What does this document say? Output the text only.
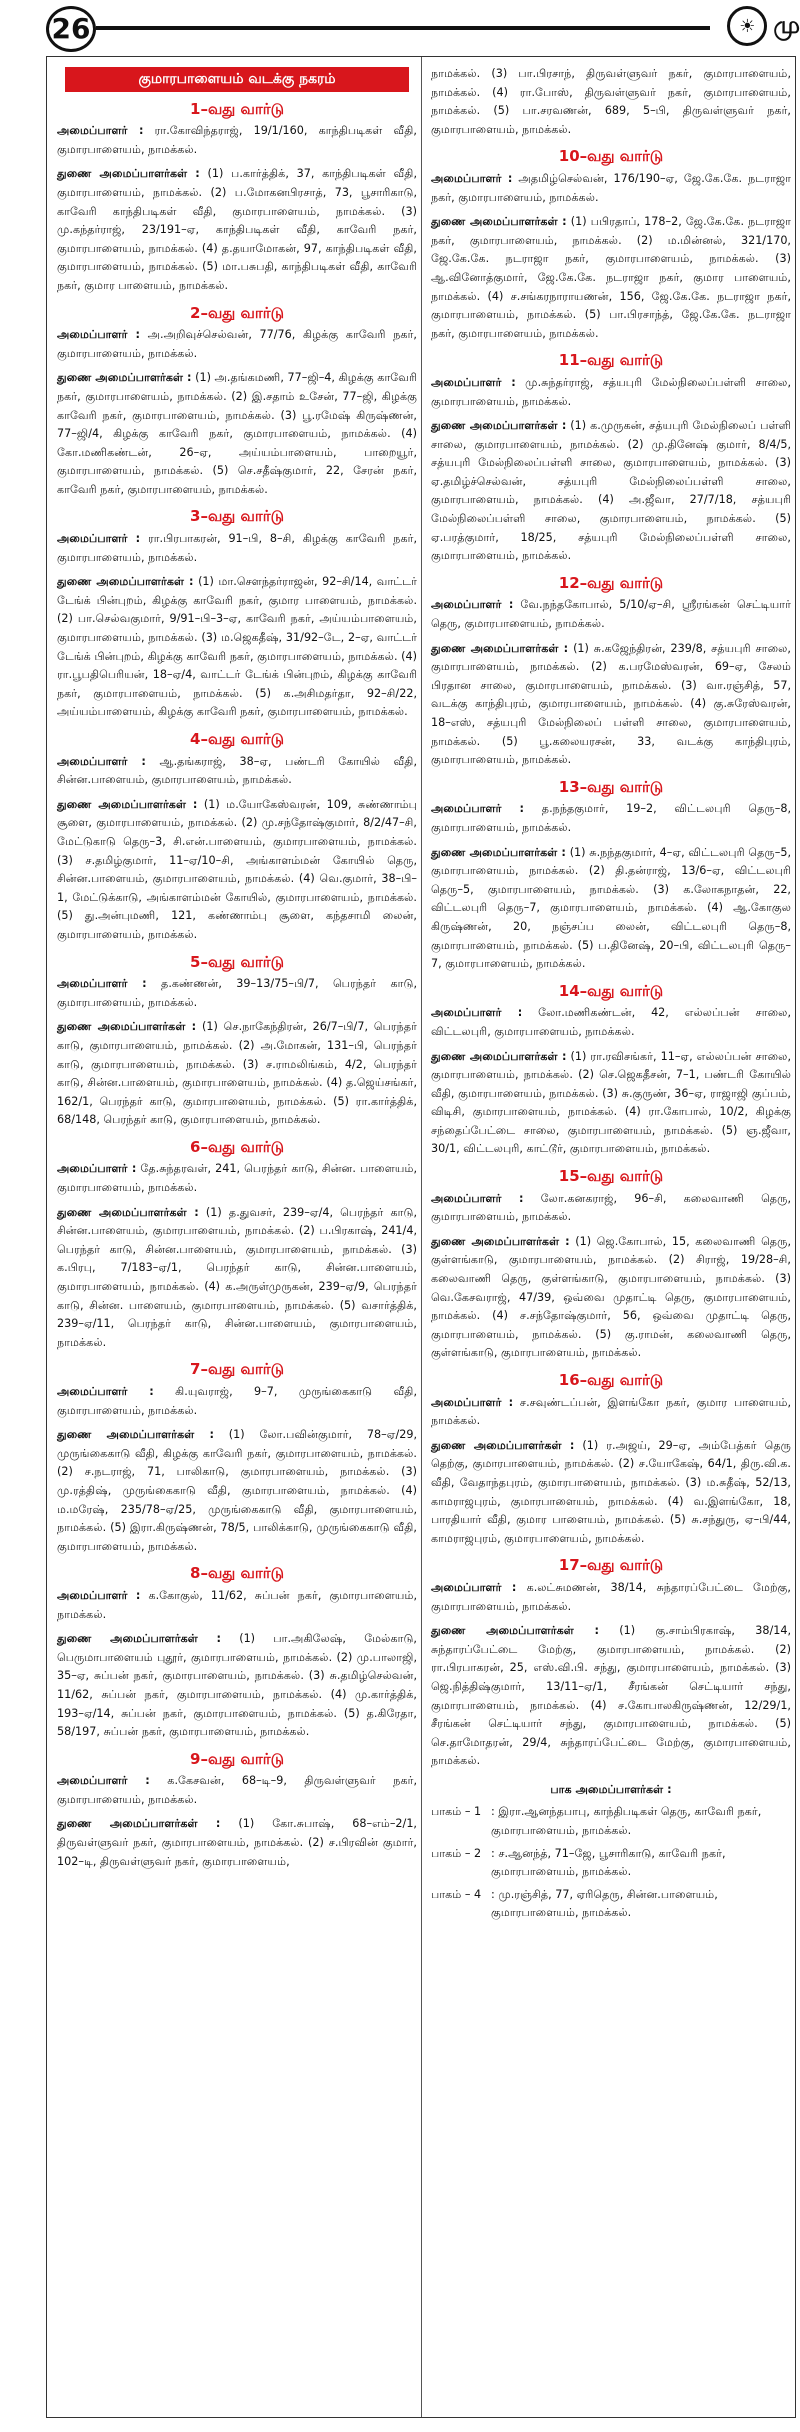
26	☀ மு
குமாரபாளையம் வடக்கு நகரம்
1–வது வார்டு

அமைப்பாளர் : ரா.கோவிந்தராஜ், 19/1/160, காந்திபடிகள் வீதி, குமாரபாளையம், நாமக்கல்.

துணை அமைப்பாளர்கள் : (1) ப.கார்த்திக், 37, காந்திபடிகள் வீதி, குமாரபாளையம், நாமக்கல். (2) ப.மோகனபிரசாத், 73, பூசாரிகாடு, காவேரி காந்திபடிகள் வீதி, குமாரபாளையம், நாமக்கல். (3) மு.கந்தர்ராஜ், 23/191–ஏ, காந்திபடிகள் வீதி, காவேரி நகர், குமாரபாளையம், நாமக்கல். (4) த.தயாமோகன், 97, காந்திபடிகள் வீதி, குமாரபாளையம், நாமக்கல். (5) மா.பசுபதி, காந்திபடிகள் வீதி, காவேரி நகர், குமார பாளையம், நாமக்கல்.

2–வது வார்டு

அமைப்பாளர் : அ.அறிவுச்செல்வன், 77/76, கிழக்கு காவேரி நகர், குமாரபாளையம், நாமக்கல்.

துணை அமைப்பாளர்கள் : (1) அ.தங்கமணி, 77–ஜி–4, கிழக்கு காவேரி நகர், குமாரபாளையம், நாமக்கல். (2) இ.சதாம் உசேன், 77–ஜி, கிழக்கு காவேரி நகர், குமாரபாளையம், நாமக்கல். (3) பூ.ரமேஷ் கிருஷ்ணன், 77–ஜி/4, கிழக்கு காவேரி நகர், குமாரபாளையம், நாமக்கல். (4) கோ.மணிகண்டன், 26–ஏ, அய்யம்பாளையம், பாறையூர், குமாரபாளையம், நாமக்கல். (5) செ.சதீஷ்குமார், 22, சேரன் நகர், காவேரி நகர், குமாரபாளையம், நாமக்கல்.

3–வது வார்டு

அமைப்பாளர் : ரா.பிரபாகரன், 91–பி, 8–சி, கிழக்கு காவேரி நகர், குமாரபாளையம், நாமக்கல்.

துணை அமைப்பாளர்கள் : (1) மா.சௌந்தர்ராஜன், 92–சி/14, வாட்டர் டேங்க் பின்புறம், கிழக்கு காவேரி நகர், குமார பாளையம், நாமக்கல். (2) பா.செல்வகுமார், 9/91–பி–3–ஏ, காவேரி நகர், அய்யம்பாளையம், குமாரபாளையம், நாமக்கல். (3) ம.ஜெகதீஷ், 31/92–டே, 2–ஏ, வாட்டர் டேங்க் பின்புறம், கிழக்கு காவேரி நகர், குமாரபாளையம், நாமக்கல். (4) ரா.பூபதிபெரியன், 18–ஏ/4, வாட்டர் டேங்க் பின்புறம், கிழக்கு காவேரி நகர், குமாரபாளையம், நாமக்கல். (5) க.அசிமதர்தா, 92–சி/22, அய்யம்பாளையம், கிழக்கு காவேரி நகர், குமாரபாளையம், நாமக்கல்.

4–வது வார்டு

அமைப்பாளர் : ஆ.தங்கராஜ், 38–ஏ, பண்டரி கோயில் வீதி, சின்ன.பாளையம், குமாரபாளையம், நாமக்கல்.

துணை அமைப்பாளர்கள் : (1) ம.யோகேஸ்வரன், 109, சுண்ணாம்பு சூளை, குமாரபாளையம், நாமக்கல். (2) மு.சந்தோஷ்குமார், 8/2/47–சி, மேட்டுகாடு தெரு–3, சி.என்.பாளையம், குமாரபாளையம், நாமக்கல். (3) ச.தமிழ்குமார், 11–ஏ/10–சி, அங்காளம்மன் கோயில் தெரு, சின்ன.பாளையம், குமாரபாளையம், நாமக்கல். (4) வெ.குமார், 38–பி–1, மேட்டுக்காடு, அங்காளம்மன் கோயில், குமாரபாளையம், நாமக்கல். (5) து.அன்புமணி, 121, கண்ணாம்பு சூளை, கந்தசாமி லைன், குமாரபாளையம், நாமக்கல்.

5–வது வார்டு

அமைப்பாளர் : த.கண்ணன், 39–13/75–பி/7, பெரந்தர் காடு, குமாரபாளையம், நாமக்கல்.

துணை அமைப்பாளர்கள் : (1) செ.நாகேந்திரன், 26/7–பி/7, பெரந்தர் காடு, குமாரபாளையம், நாமக்கல். (2) அ.மோகன், 131–பி, பெரந்தர் காடு, குமாரபாளையம், நாமக்கல். (3) ச.ராமலிங்கம், 4/2, பெரந்தர் காடு, சின்ன.பாளையம், குமாரபாளையம், நாமக்கல். (4) த.ஜெய்சங்கர், 162/1, பெரந்தர் காடு, குமாரபாளையம், நாமக்கல். (5) ரா.கார்த்திக், 68/148, பெரந்தர் காடு, குமாரபாளையம், நாமக்கல்.

6–வது வார்டு

அமைப்பாளர் : தே.சுந்தரவள், 241, பெரந்தர் காடு, சின்ன. பாளையம், குமாரபாளையம், நாமக்கல்.

துணை அமைப்பாளர்கள் : (1) த.துவசர், 239–ஏ/4, பெரந்தர் காடு, சின்ன.பாளையம், குமாரபாளையம், நாமக்கல். (2) ப.பிரகாஷ், 241/4, பெரந்தர் காடு, சின்ன.பாளையம், குமாரபாளையம், நாமக்கல். (3) க.பிரபு, 7/183–ஏ/1, பெரந்தர் காடு, சின்ன.பாளையம், குமாரபாளையம், நாமக்கல். (4) க.அருள்முருகன், 239–ஏ/9, பெரந்தர் காடு, சின்ன. பாளையம், குமாரபாளையம், நாமக்கல். (5) வசார்த்திக், 239–ஏ/11, பெரந்தர் காடு, சின்ன.பாளையம், குமாரபாளையம், நாமக்கல்.

7–வது வார்டு

அமைப்பாளர் : கி.யுவராஜ், 9–7, முருங்கைகாடு வீதி, குமாரபாளையம், நாமக்கல்.

துணை அமைப்பாளர்கள் : (1) லோ.பவின்குமார், 78–ஏ/29, முருங்கைகாடு வீதி, கிழக்கு காவேரி நகர், குமாரபாளையம், நாமக்கல். (2) ச.நடராஜ், 71, பாலிகாடு, குமாரபாளையம், நாமக்கல். (3) மு.ரத்திஷ், முருங்கைகாடு வீதி, குமாரபாளையம், நாமக்கல். (4) ம.மரேஷ், 235/78–ஏ/25, முருங்கைகாடு வீதி, குமாரபாளையம், நாமக்கல். (5) இரா.கிருஷ்ணன், 78/5, பாலிக்காடு, முருங்கைகாடு வீதி, குமாரபாளையம், நாமக்கல்.

8–வது வார்டு

அமைப்பாளர் : க.கோகுல், 11/62, சுப்பன் நகர், குமாரபாளையம், நாமக்கல்.

துணை அமைப்பாளர்கள் : (1) பா.அகிலேஷ், மேல்காடு, பெருமாபாளையம் புதூர், குமாரபாளையம், நாமக்கல். (2) மு.பாலாஜி, 35–ஏ, சுப்பன் நகர், குமாரபாளையம், நாமக்கல். (3) சு.தமிழ்செல்வன், 11/62, சுப்பன் நகர், குமாரபாளையம், நாமக்கல். (4) மு.கார்த்திக், 193–ஏ/14, சுப்பன் நகர், குமாரபாளையம், நாமக்கல். (5) த.கிரேதா, 58/197, சுப்பன் நகர், குமாரபாளையம், நாமக்கல்.

9–வது வார்டு

அமைப்பாளர் : க.கேசவன், 68–டி–9, திருவள்ளுவர் நகர், குமாரபாளையம், நாமக்கல்.

துணை அமைப்பாளர்கள் : (1) கோ.சுபாஷ், 68–எம்–2/1, திருவள்ளுவர் நகர், குமாரபாளையம், நாமக்கல். (2) ச.பிரவின் குமார், 102–டி, திருவள்ளுவர் நகர், குமாரபாளையம்,

நாமக்கல். (3) பா.பிரசாந், திருவள்ளுவர் நகர், குமாரபாளையம், நாமக்கல். (4) ரா.போஸ், திருவள்ளுவர் நகர், குமாரபாளையம், நாமக்கல். (5) பா.சரவணன், 689, 5–பி, திருவள்ளுவர் நகர், குமாரபாளையம், நாமக்கல்.

10–வது வார்டு

அமைப்பாளர் : அதமிழ்செல்வன், 176/190–ஏ, ஜே.கே.கே. நடராஜா நகர், குமாரபாளையம், நாமக்கல்.

துணை அமைப்பாளர்கள் : (1) பபிரதாப், 178–2, ஜே.கே.கே. நடராஜா நகர், குமாரபாளையம், நாமக்கல். (2) ம.மின்னல், 321/170, ஜே.கே.கே. நடராஜா நகர், குமாரபாளையம், நாமக்கல். (3) ஆ.வினோத்குமார், ஜே.கே.கே. நடராஜா நகர், குமார பாளையம், நாமக்கல். (4) ச.சங்கரநாராயணன், 156, ஜே.கே.கே. நடராஜா நகர், குமாரபாளையம், நாமக்கல். (5) பா.பிரசாந்த், ஜே.கே.கே. நடராஜா நகர், குமாரபாளையம், நாமக்கல்.

11–வது வார்டு

அமைப்பாளர் : மு.சுந்தர்ராஜ், சத்யபுரி மேல்நிலைப்பள்ளி சாலை, குமாரபாளையம், நாமக்கல்.

துணை அமைப்பாளர்கள் : (1) க.முருகன், சத்யபுரி மேல்நிலைப் பள்ளி சாலை, குமாரபாளையம், நாமக்கல். (2) மு.தினேஷ் குமார், 8/4/5, சத்யபுரி மேல்நிலைப்பள்ளி சாலை, குமாரபாளையம், நாமக்கல். (3) ஏ.தமிழ்ச்செல்வன், சத்யபுரி மேல்நிலைப்பள்ளி சாலை, குமாரபாளையம், நாமக்கல். (4) அ.ஜீவா, 27/7/18, சத்யபுரி மேல்நிலைப்பள்ளி சாலை, குமாரபாளையம், நாமக்கல். (5) ஏ.பரத்குமார், 18/25, சத்யபுரி மேல்நிலைப்பள்ளி சாலை, குமாரபாளையம், நாமக்கல்.

12–வது வார்டு

அமைப்பாளர் : வே.நந்தகோபால், 5/10/ஏ–சி, ஸ்ரீரங்கன் செட்டியார் தெரு, குமாரபாளையம், நாமக்கல்.

துணை அமைப்பாளர்கள் : (1) சு.கஜேந்திரன், 239/8, சத்யபுரி சாலை, குமாரபாளையம், நாமக்கல். (2) க.பரமேஸ்வரன், 69–ஏ, சேலம் பிரதான சாலை, குமாரபாளையம், நாமக்கல். (3) வா.ரஞ்சித், 57, வடக்கு காந்திபுரம், குமாரபாளையம், நாமக்கல். (4) கு.சுரேஸ்வரன், 18–எஸ், சத்யபுரி மேல்நிலைப் பள்ளி சாலை, குமாரபாளையம், நாமக்கல். (5) பூ.கலையரசன், 33, வடக்கு காந்திபுரம், குமாரபாளையம், நாமக்கல்.

13–வது வார்டு

அமைப்பாளர் : த.நந்தகுமார், 19–2, விட்டலபுரி தெரு–8, குமாரபாளையம், நாமக்கல்.

துணை அமைப்பாளர்கள் : (1) சு.நந்தகுமார், 4–ஏ, விட்டலபுரி தெரு–5, குமாரபாளையம், நாமக்கல். (2) தி.தன்ராஜ், 13/6–ஏ, விட்டலபுரி தெரு–5, குமாரபாளையம், நாமக்கல். (3) க.லோகநாதன், 22, விட்டலபுரி தெரு–7, குமாரபாளையம், நாமக்கல். (4) ஆ.கோகுல கிருஷ்ணன், 20, நஞ்சப்ப லைன், விட்டலபுரி தெரு–8, குமாரபாளையம், நாமக்கல். (5) ப.தினேஷ், 20–பி, விட்டலபுரி தெரு–7, குமாரபாளையம், நாமக்கல்.

14–வது வார்டு

அமைப்பாளர் : லோ.மணிகண்டன், 42, எல்லப்பன் சாலை, விட்டலபுரி, குமாரபாளையம், நாமக்கல்.

துணை அமைப்பாளர்கள் : (1) ரா.ரவிசங்கர், 11–ஏ, எல்லப்பன் சாலை, குமாரபாளையம், நாமக்கல். (2) செ.ஜெகதீசன், 7–1, பண்டரி கோயில் வீதி, குமாரபாளையம், நாமக்கல். (3) சு.குருண், 36–ஏ, ராஜாஜி குப்பம், விடிசி, குமாரபாளையம், நாமக்கல். (4) ரா.கோபால், 10/2, கிழக்கு சந்தைப்பேட்டை சாலை, குமாரபாளையம், நாமக்கல். (5) ஞ.ஜீவா, 30/1, விட்டலபுரி, காட்டூர், குமாரபாளையம், நாமக்கல்.

15–வது வார்டு

அமைப்பாளர் : லோ.கனகராஜ், 96–சி, கலைவாணி தெரு, குமாரபாளையம், நாமக்கல்.

துணை அமைப்பாளர்கள் : (1) ஜெ.கோபால், 15, கலைவாணி தெரு, குள்ளங்காடு, குமாரபாளையம், நாமக்கல். (2) சிராஜ், 19/28–சி, கலைவாணி தெரு, குள்ளங்காடு, குமாரபாளையம், நாமக்கல். (3) வெ.கேசவராஜ், 47/39, ஒவ்வை முதாட்டி தெரு, குமாரபாளையம், நாமக்கல். (4) ச.சந்தோஷ்குமார், 56, ஒவ்வை முதாட்டி தெரு, குமாரபாளையம், நாமக்கல். (5) கு.ராமன், கலைவாணி தெரு, குள்ளங்காடு, குமாரபாளையம், நாமக்கல்.

16–வது வார்டு

அமைப்பாளர் : ச.சவுண்டப்பன், இளங்கோ நகர், குமார பாளையம், நாமக்கல்.

துணை அமைப்பாளர்கள் : (1) ர.அஜய், 29–ஏ, அம்பேத்கர் தெரு தெற்கு, குமாரபாளையம், நாமக்கல். (2) ச.யோகேஷ், 64/1, திரு.வி.க. வீதி, வேதாந்தபுரம், குமாரபாளையம், நாமக்கல். (3) ம.சுதீஷ், 52/13, காமராஜபுரம், குமாரபாளையம், நாமக்கல். (4) வ.இளங்கோ, 18, பாரதியார் வீதி, குமார பாளையம், நாமக்கல். (5) சு.சந்துரு, ஏ–பி/44, காமராஜபுரம், குமாரபாளையம், நாமக்கல்.

17–வது வார்டு

அமைப்பாளர் : க.லட்சுமணன், 38/14, சுந்தாரப்பேட்டை மேற்கு, குமாரபாளையம், நாமக்கல்.

துணை அமைப்பாளர்கள் : (1) கு.சாம்பிரகாஷ், 38/14, சுந்தாரப்பேட்டை மேற்கு, குமாரபாளையம், நாமக்கல். (2) ரா.பிரபாகரன், 25, எஸ்.வி.பி. சந்து, குமாரபாளையம், நாமக்கல். (3) ஜெ.நித்திஷ்குமார், 13/11–ஏ/1, சீரங்கன் செட்டியார் சந்து, குமாரபாளையம், நாமக்கல். (4) ச.கோபாலகிருஷ்ணன், 12/29/1, சீரங்கன் செட்டியார் சந்து, குமாரபாளையம், நாமக்கல். (5) செ.தாமோதரன், 29/4, சுந்தாரப்பேட்டை மேற்கு, குமாரபாளையம், நாமக்கல்.

பாக அமைப்பாளர்கள் :
பாகம் – 1 : இரா.ஆனந்தபாபு, காந்திபடிகள் தெரு, காவேரி நகர், குமாரபாளையம், நாமக்கல்.
பாகம் – 2 : ச.ஆனந்த், 71–ஜே, பூசாரிகாடு, காவேரி நகர், குமாரபாளையம், நாமக்கல்.
பாகம் – 4 : மு.ரஞ்சித், 77, ஏரிதெரு, சின்ன.பாளையம், குமாரபாளையம், நாமக்கல்.
